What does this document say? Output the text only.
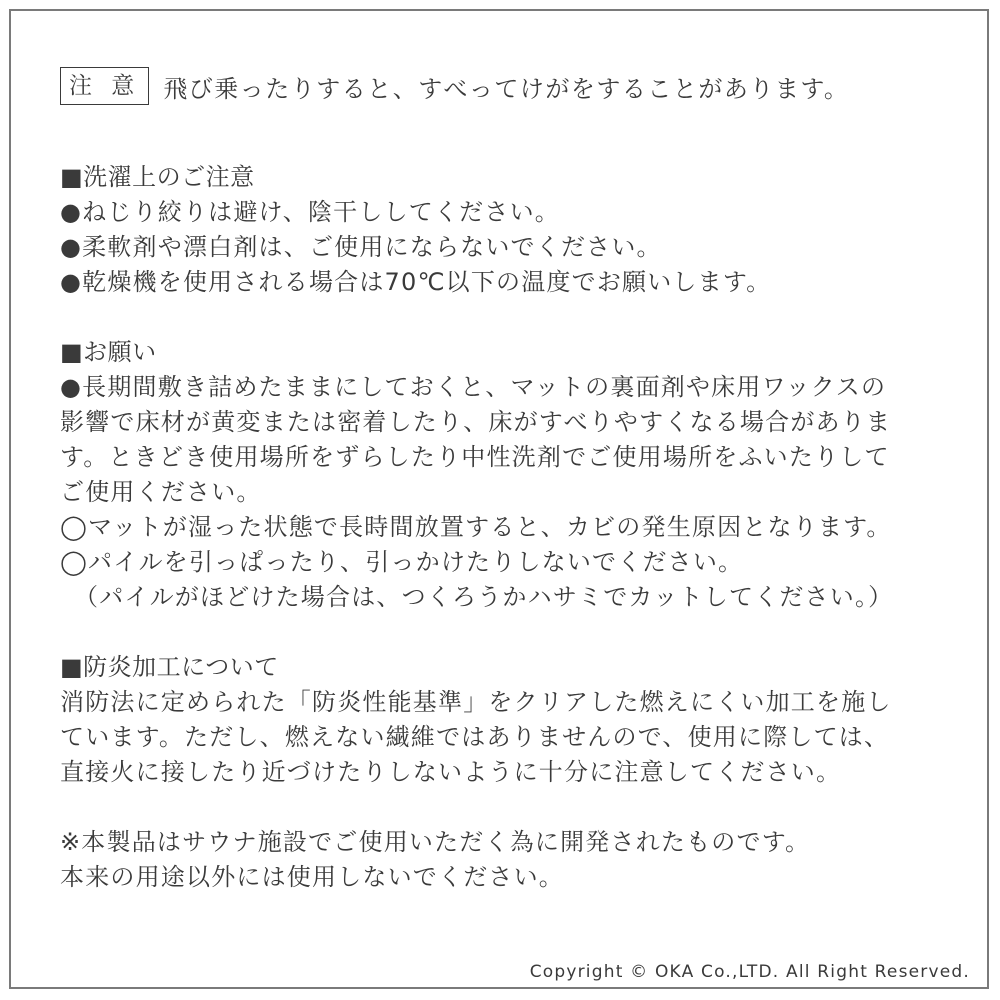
注 意 飛び乗ったりすると、すべってけがをすることがあります。
■洗濯上のご注意
●ねじり絞りは避け、陰干ししてください。
●柔軟剤や漂白剤は、ご使用にならないでください。
●乾燥機を使用される場合は70℃以下の温度でお願いします。
■お願い
●長期間敷き詰めたままにしておくと、マットの裏面剤や床用ワックスの
影響で床材が黄変または密着したり、床がすべりやすくなる場合がありま
す。ときどき使用場所をずらしたり中性洗剤でご使用場所をふいたりして
ご使用ください。
◯マットが湿った状態で長時間放置すると、カビの発生原因となります。
◯パイルを引っぱったり、引っかけたりしないでください。
（パイルがほどけた場合は、つくろうかハサミでカットしてください。）
■防炎加工について
消防法に定められた「防炎性能基準」をクリアした燃えにくい加工を施し
ています。ただし、燃えない繊維ではありませんので、使用に際しては、
直接火に接したり近づけたりしないように十分に注意してください。
※本製品はサウナ施設でご使用いただく為に開発されたものです。
本来の用途以外には使用しないでください。
Copyright © OKA Co.,LTD. All Right Reserved.
